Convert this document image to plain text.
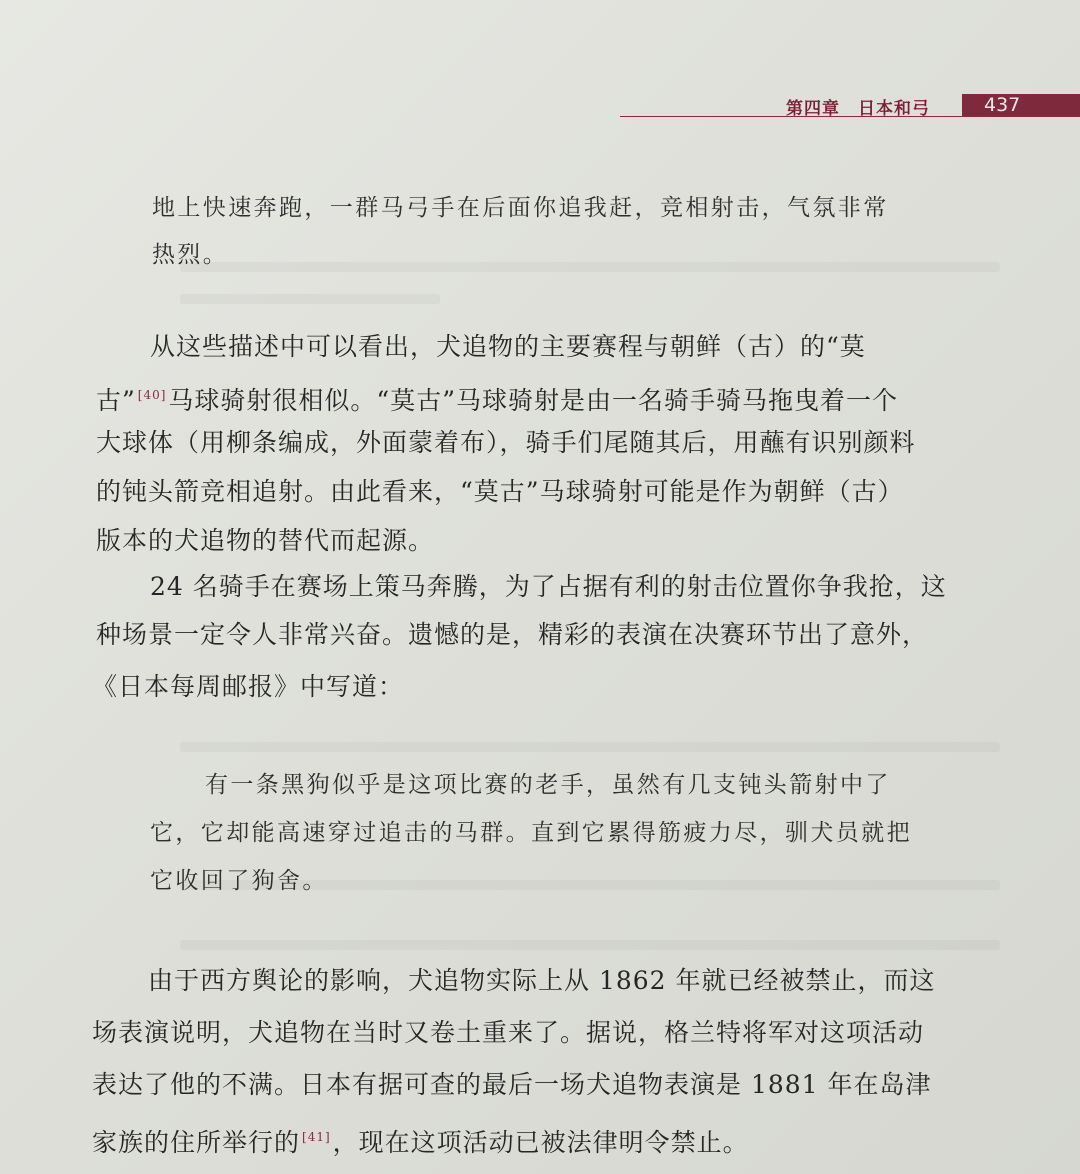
第四章　日本和弓	437
地上快速奔跑，一群马弓手在后面你追我赶，竞相射击，气氛非常
热烈。
从这些描述中可以看出，犬追物的主要赛程与朝鲜（古）的“莫
古” [40]马球骑射很相似。“莫古”马球骑射是由一名骑手骑马拖曳着一个
大球体（用柳条编成，外面蒙着布），骑手们尾随其后，用蘸有识别颜料
的钝头箭竞相追射。由此看来，“莫古”马球骑射可能是作为朝鲜（古）
版本的犬追物的替代而起源。
24 名骑手在赛场上策马奔腾，为了占据有利的射击位置你争我抢，这
种场景一定令人非常兴奋。遗憾的是，精彩的表演在决赛环节出了意外，
《日本每周邮报》中写道：
有一条黑狗似乎是这项比赛的老手，虽然有几支钝头箭射中了
它，它却能高速穿过追击的马群。直到它累得筋疲力尽，驯犬员就把
它收回了狗舍。
由于西方舆论的影响，犬追物实际上从 1862 年就已经被禁止，而这
场表演说明，犬追物在当时又卷土重来了。据说，格兰特将军对这项活动
表达了他的不满。日本有据可查的最后一场犬追物表演是 1881 年在岛津
家族的住所举行的 [41]，现在这项活动已被法律明令禁止。
